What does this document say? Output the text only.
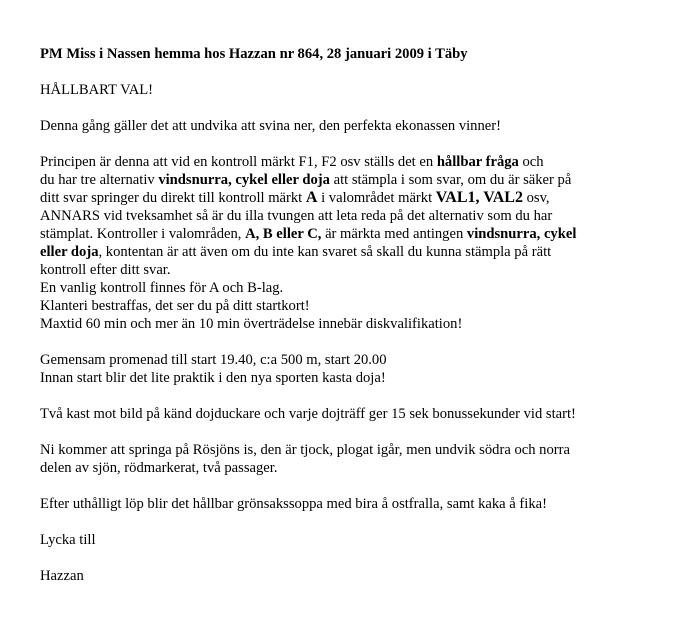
PM Miss i Nassen hemma hos Hazzan nr 864, 28 januari 2009 i Täby
HÅLLBART VAL!

Denna gång gäller det att undvika att svina ner, den perfekta ekonassen vinner!

Principen är denna att vid en kontroll märkt F1, F2 osv ställs det en hållbar fråga och
du har tre alternativ vindsnurra, cykel eller doja att stämpla i som svar, om du är säker på
ditt svar springer du direkt till kontroll märkt A i valområdet märkt VAL1, VAL2 osv,
ANNARS vid tveksamhet så är du illa tvungen att leta reda på det alternativ som du har
stämplat. Kontroller i valområden, A, B eller C, är märkta med antingen vindsnurra, cykel
eller doja, kontentan är att även om du inte kan svaret så skall du kunna stämpla på rätt
kontroll efter ditt svar.
En vanlig kontroll finnes för A och B-lag.
Klanteri bestraffas, det ser du på ditt startkort!
Maxtid 60 min och mer än 10 min överträdelse innebär diskvalifikation!

Gemensam promenad till start 19.40, c:a 500 m, start 20.00
Innan start blir det lite praktik i den nya sporten kasta doja!

Två kast mot bild på känd dojduckare och varje dojträff ger 15 sek bonussekunder vid start!

Ni kommer att springa på Rösjöns is, den är tjock, plogat igår, men undvik södra och norra
delen av sjön, rödmarkerat, två passager.

Efter uthålligt löp blir det hållbar grönsakssoppa med bira å ostfralla, samt kaka å fika!

Lycka till

Hazzan
